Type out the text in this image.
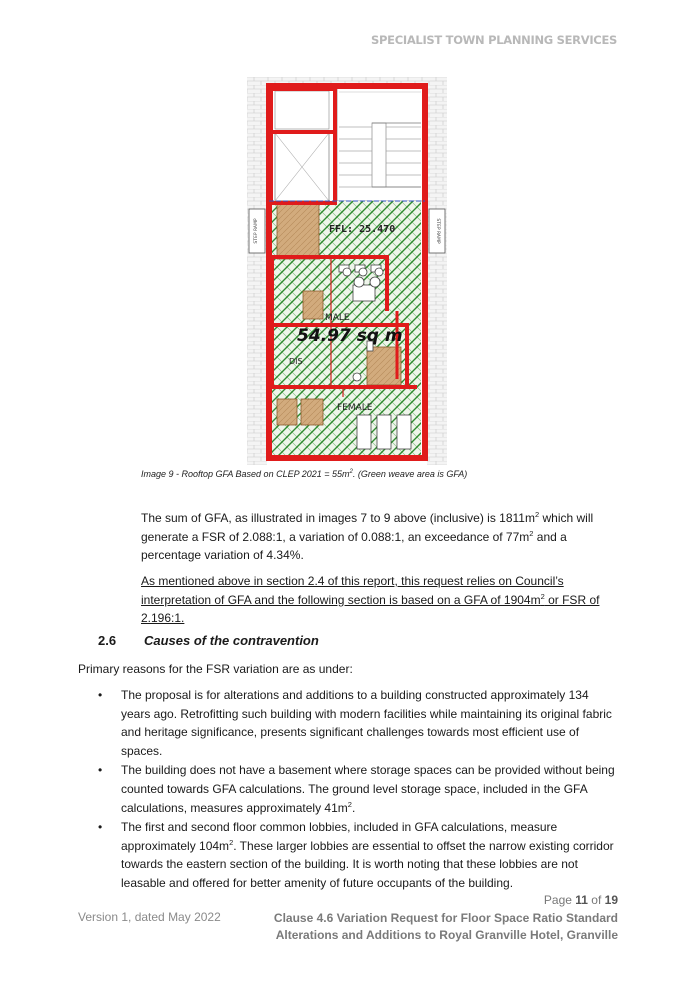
SPECIALIST TOWN PLANNING SERVICES
STEP RAMP	STEP RAMP
FFL: 25.470
MALE
54.97 sq m
DIS
FEMALE
Image 9 - Rooftop GFA Based on CLEP $2021 = 55m^2$. (Green weave area is GFA)
The sum of GFA, as illustrated in images 7 to 9 above (inclusive) is $1811m^2$ which will generate a FSR of 2.088:1, a variation of 0.088:1, an exceedance of $77m^2$ and a percentage variation of 4.34%.
As mentioned above in section 2.4 of this report, this request relies on Council’s interpretation of GFA and the following section is based on a GFA of $1904m^2$ or FSR of 2.196:1.
2.6 Causes of the contravention
Primary reasons for the FSR variation are as under:
• The proposal is for alterations and additions to a building constructed approximately 134 years ago. Retrofitting such building with modern facilities while maintaining its original fabric and heritage significance, presents significant challenges towards most efficient use of spaces.
• The building does not have a basement where storage spaces can be provided without being counted towards GFA calculations. The ground level storage space, included in the GFA calculations, measures approximately $41m^2$.
• The first and second floor common lobbies, included in GFA calculations, measure approximately $104m^2$. These larger lobbies are essential to offset the narrow existing corridor towards the eastern section of the building. It is worth noting that these lobbies are not leasable and offered for better amenity of future occupants of the building.
Page 11 of 19
Version 1, dated May 2022	Clause 4.6 Variation Request for Floor Space Ratio Standard
Alterations and Additions to Royal Granville Hotel, Granville
